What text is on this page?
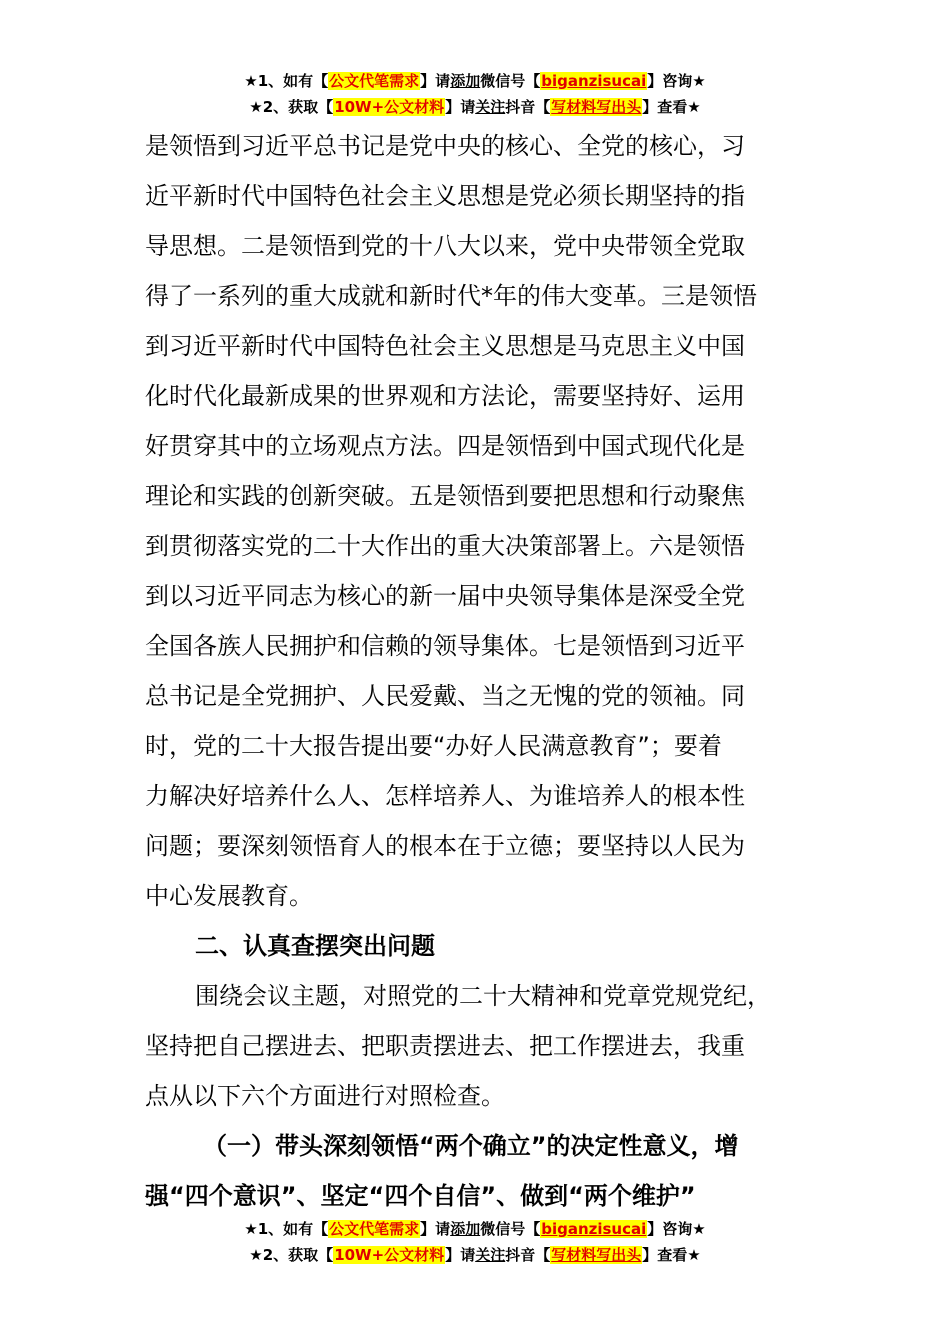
★1、如有【公文代笔需求】请添加微信号【biganzisucai】咨询★
★2、获取【10W+公文材料】请关注抖音【写材料写出头】查看★

是领悟到习近平总书记是党中央的核心、全党的核心，习

近平新时代中国特色社会主义思想是党必须长期坚持的指

导思想。二是领悟到党的十八大以来，党中央带领全党取

得了一系列的重大成就和新时代*年的伟大变革。三是领悟

到习近平新时代中国特色社会主义思想是马克思主义中国

化时代化最新成果的世界观和方法论，需要坚持好、运用

好贯穿其中的立场观点方法。四是领悟到中国式现代化是

理论和实践的创新突破。五是领悟到要把思想和行动聚焦

到贯彻落实党的二十大作出的重大决策部署上。六是领悟

到以习近平同志为核心的新一届中央领导集体是深受全党

全国各族人民拥护和信赖的领导集体。七是领悟到习近平

总书记是全党拥护、人民爱戴、当之无愧的党的领袖。同

时，党的二十大报告提出要“办好人民满意教育”；要着

力解决好培养什么人、怎样培养人、为谁培养人的根本性

问题；要深刻领悟育人的根本在于立德；要坚持以人民为

中心发展教育。

二、认真查摆突出问题

围绕会议主题，对照党的二十大精神和党章党规党纪，

坚持把自己摆进去、把职责摆进去、把工作摆进去，我重

点从以下六个方面进行对照检查。

（一）带头深刻领悟“两个确立”的决定性意义，增

强“四个意识”、坚定“四个自信”、做到“两个维护”

★1、如有【公文代笔需求】请添加微信号【biganzisucai】咨询★
★2、获取【10W+公文材料】请关注抖音【写材料写出头】查看★
